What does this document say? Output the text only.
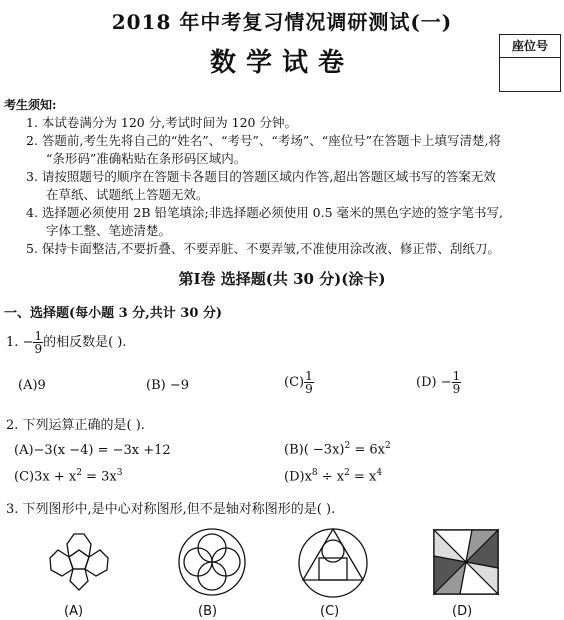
2018 年中考复习情况调研测试(一)
数学试卷
座位号
考生须知:
1. 本试卷满分为 120 分,考试时间为 120 分钟。
2. 答题前,考生先将自己的“姓名”、“考号”、“考场”、“座位号”在答题卡上填写清楚,将
“条形码”准确粘贴在条形码区域内。
3. 请按照题号的顺序在答题卡各题目的答题区域内作答,超出答题区域书写的答案无效
在草纸、试题纸上答题无效。
4. 选择题必须使用 2B 铅笔填涂;非选择题必须使用 0.5 毫米的黑色字迹的签字笔书写,
字体工整、笔迹清楚。
5. 保持卡面整洁,不要折叠、不要弄脏、不要弄皱,不准使用涂改液、修正带、刮纸刀。
第Ⅰ卷 选择题(共 30 分)(涂卡)
一、选择题(每小题 3 分,共计 30 分)
1. − $\frac{1}{9}$ 的相反数是( ).
(A)9	(B) −9	$(C) \frac{1}{9}$	$(D) - \frac{1}{9}$
2. 下列运算正确的是( ).
(A)−3(x −4) = −3x +12	$(B)( -3x)^2 = 6x^2$
$(C)3x + x^2 = 3x^3$	$(D)x^8 \div x^2 = x^4$
3. 下列图形中,是中心对称图形,但不是轴对称图形的是( ).
(A)	(B)	(C)	(D)
